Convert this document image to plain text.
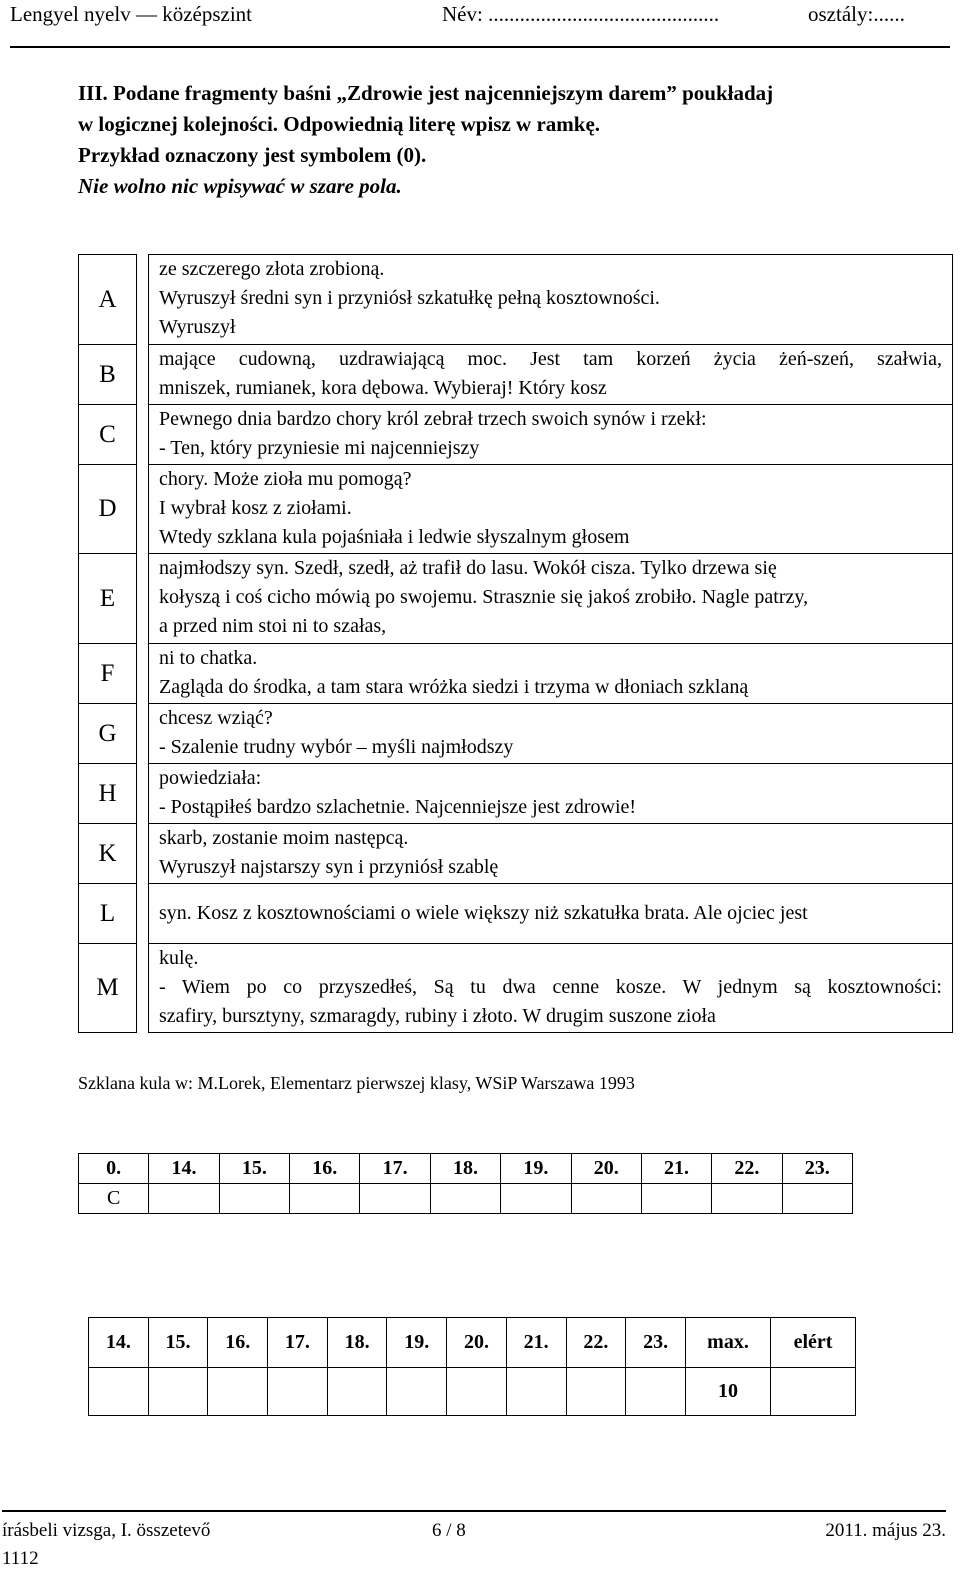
Lengyel nyelv — középszint	Név: ............................................	osztály:......
III. Podane fragmenty baśni „Zdrowie jest najcenniejszym darem” poukładaj
w logicznej kolejności. Odpowiednią literę wpisz w ramkę.
Przykład oznaczony jest symbolem (0).
Nie wolno nic wpisywać w szare pola.
A		ze szczerego złota zrobioną.
Wyruszył średni syn i przyniósł szkatułkę pełną kosztowności.
Wyruszył

B		mające cudowną, uzdrawiającą moc. Jest tam korzeń życia żeń-szeń, szałwia,
mniszek, rumianek, kora dębowa. Wybieraj! Który kosz

C		Pewnego dnia bardzo chory król zebrał trzech swoich synów i rzekł:
- Ten, który przyniesie mi najcenniejszy

D		chory. Może zioła mu pomogą?
I wybrał kosz z ziołami.
Wtedy szklana kula pojaśniała i ledwie słyszalnym głosem

E		najmłodszy syn. Szedł, szedł, aż trafił do lasu. Wokół cisza. Tylko drzewa się
kołyszą i coś cicho mówią po swojemu. Strasznie się jakoś zrobiło. Nagle patrzy,
a przed nim stoi ni to szałas,

F		ni to chatka.
Zagląda do środka, a tam stara wróżka siedzi i trzyma w dłoniach szklaną

G		chcesz wziąć?
- Szalenie trudny wybór – myśli najmłodszy

H		powiedziała:
- Postąpiłeś bardzo szlachetnie. Najcenniejsze jest zdrowie!

K		skarb, zostanie moim następcą.
Wyruszył najstarszy syn i przyniósł szablę

L		syn. Kosz z kosztownościami o wiele większy niż szkatułka brata. Ale ojciec jest

M		kulę.
- Wiem po co przyszedłeś, Są tu dwa cenne kosze. W jednym są kosztowności:
szafiry, bursztyny, szmaragdy, rubiny i złoto. W drugim suszone zioła
Szklana kula w: M.Lorek, Elementarz pierwszej klasy, WSiP Warszawa 1993
0.	14.	15.	16.	17.	18.	19.	20.	21.	22.	23.
C										
14.	15.	16.	17.	18.	19.	20.	21.	22.	23.	max.	elért
										10	
írásbeli vizsga, I. összetevő
1112
6 / 8	2011. május 23.
